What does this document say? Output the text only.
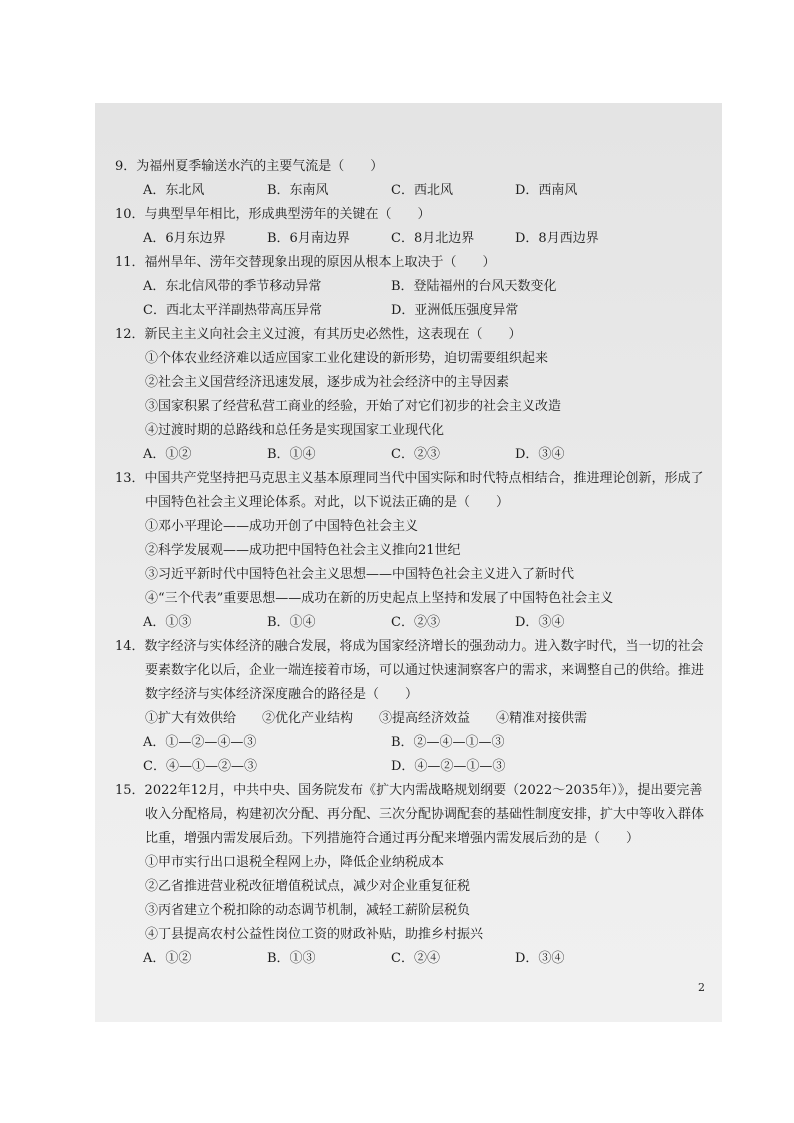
9．为福州夏季输送水汽的主要气流是（　　）

A．东北风	B．东南风	C．西北风	D．西南风

10．与典型旱年相比，形成典型涝年的关键在（　　）

A．6月东边界	B．6月南边界	C．8月北边界	D．8月西边界

11．福州旱年、涝年交替现象出现的原因从根本上取决于（　　）

A．东北信风带的季节移动异常	B．登陆福州的台风天数变化
C．西北太平洋副热带高压异常	D．亚洲低压强度异常

12．新民主主义向社会主义过渡，有其历史必然性，这表现在（　　）

①个体农业经济难以适应国家工业化建设的新形势，迫切需要组织起来
②社会主义国营经济迅速发展，逐步成为社会经济中的主导因素
③国家积累了经营私营工商业的经验，开始了对它们初步的社会主义改造
④过渡时期的总路线和总任务是实现国家工业现代化
A．①②	B．①④	C．②③	D．③④

13．中国共产党坚持把马克思主义基本原理同当代中国实际和时代特点相结合，推进理论创新，形成了中国特色社会主义理论体系。对此，以下说法正确的是（　　）

①邓小平理论——成功开创了中国特色社会主义
②科学发展观——成功把中国特色社会主义推向21世纪
③习近平新时代中国特色社会主义思想——中国特色社会主义进入了新时代
④“三个代表”重要思想——成功在新的历史起点上坚持和发展了中国特色社会主义
A．①③	B．①④	C．②③	D．③④

14．数字经济与实体经济的融合发展，将成为国家经济增长的强劲动力。进入数字时代，当一切的社会要素数字化以后，企业一端连接着市场，可以通过快速洞察客户的需求，来调整自己的供给。推进数字经济与实体经济深度融合的路径是（　　）

①扩大有效供给　　②优化产业结构　　③提高经济效益　　④精准对接供需
A．①—②—④—③	B．②—④—①—③
C．④—①—②—③	D．④—②—①—③

15．2022年12月，中共中央、国务院发布《扩大内需战略规划纲要（2022～2035年）》，提出要完善收入分配格局，构建初次分配、再分配、三次分配协调配套的基础性制度安排，扩大中等收入群体比重，增强内需发展后劲。下列措施符合通过再分配来增强内需发展后劲的是（　　）

①甲市实行出口退税全程网上办，降低企业纳税成本
②乙省推进营业税改征增值税试点，减少对企业重复征税
③丙省建立个税扣除的动态调节机制，减轻工薪阶层税负
④丁县提高农村公益性岗位工资的财政补贴，助推乡村振兴
A．①②	B．①③	C．②④	D．③④
2
